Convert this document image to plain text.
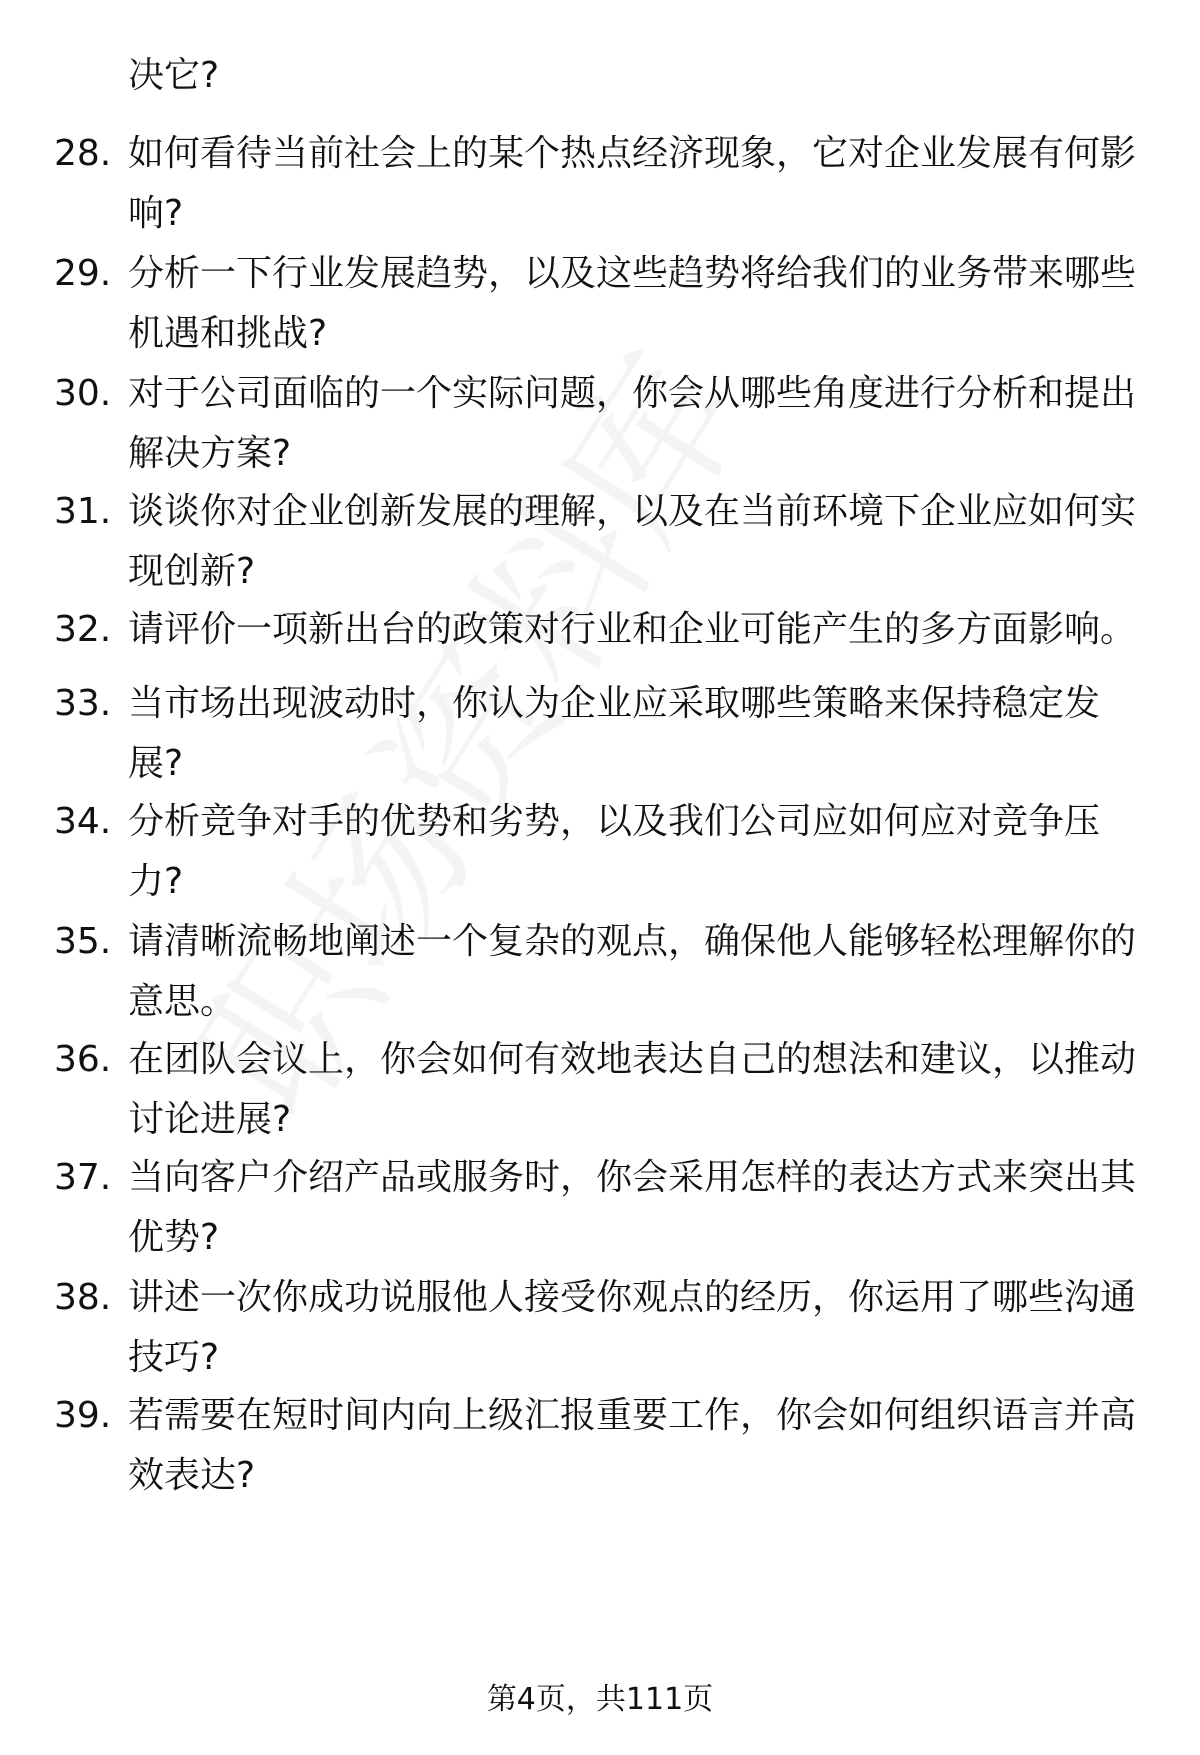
决它?
28. 如何看待当前社会上的某个热点经济现象，它对企业发展有何影
响?
29. 分析一下行业发展趋势，以及这些趋势将给我们的业务带来哪些
机遇和挑战?
30. 对于公司面临的一个实际问题，你会从哪些角度进行分析和提出
解决方案?
31. 谈谈你对企业创新发展的理解，以及在当前环境下企业应如何实
现创新?
32. 请评价一项新出台的政策对行业和企业可能产生的多方面影响。
33. 当市场出现波动时，你认为企业应采取哪些策略来保持稳定发
展?
34. 分析竞争对手的优势和劣势，以及我们公司应如何应对竞争压
力?
35. 请清晰流畅地阐述一个复杂的观点，确保他人能够轻松理解你的
意思。
36. 在团队会议上，你会如何有效地表达自己的想法和建议，以推动
讨论进展?
37. 当向客户介绍产品或服务时，你会采用怎样的表达方式来突出其
优势?
38. 讲述一次你成功说服他人接受你观点的经历，你运用了哪些沟通
技巧?
39. 若需要在短时间内向上级汇报重要工作，你会如何组织语言并高
效表达?
第4页，共111页
